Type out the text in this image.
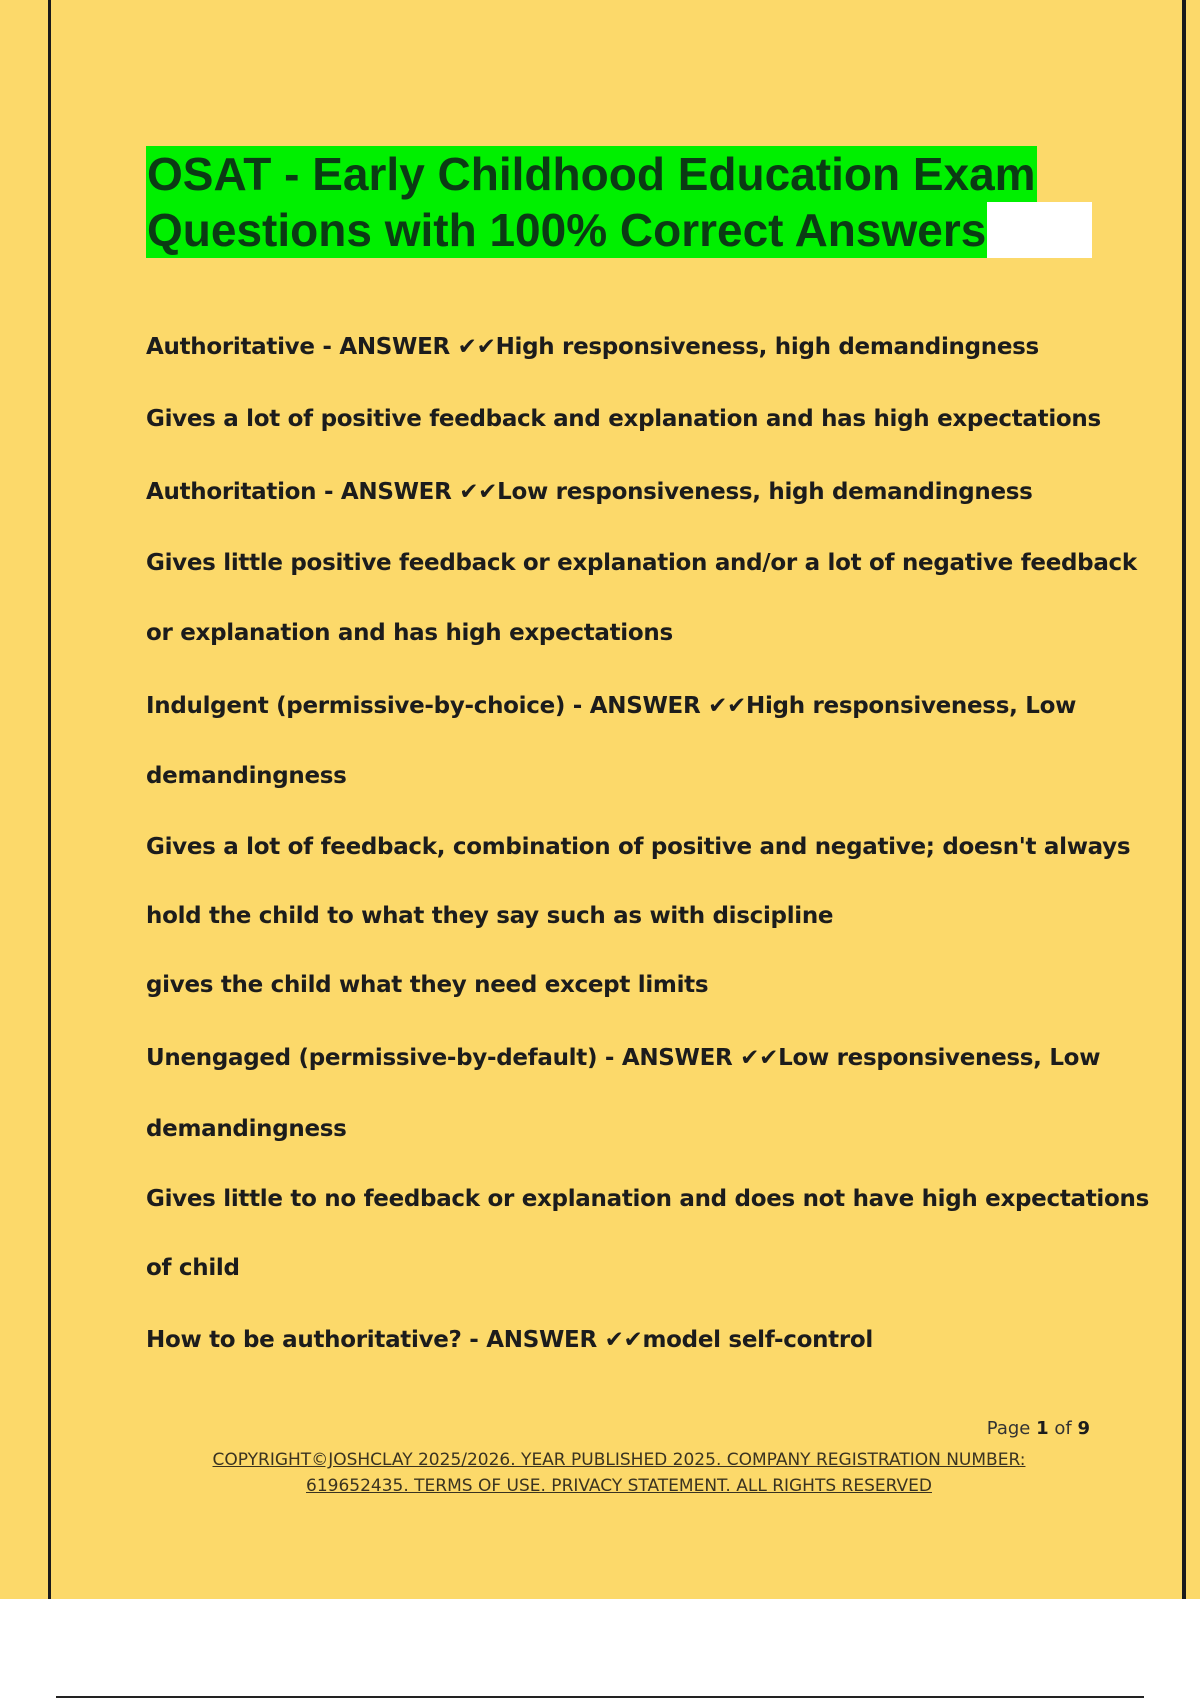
OSAT - Early Childhood Education Exam
Questions with 100% Correct Answers
Authoritative - ANSWER ✔✔High responsiveness, high demandingness
Gives a lot of positive feedback and explanation and has high expectations
Authoritation - ANSWER ✔✔Low responsiveness, high demandingness
Gives little positive feedback or explanation and/or a lot of negative feedback
or explanation and has high expectations
Indulgent (permissive-by-choice) - ANSWER ✔✔High responsiveness, Low
demandingness
Gives a lot of feedback, combination of positive and negative; doesn't always
hold the child to what they say such as with discipline
gives the child what they need except limits
Unengaged (permissive-by-default) - ANSWER ✔✔Low responsiveness, Low
demandingness
Gives little to no feedback or explanation and does not have high expectations
of child
How to be authoritative? - ANSWER ✔✔model self-control
Page 1 of 9
COPYRIGHT©JOSHCLAY 2025/2026. YEAR PUBLISHED 2025. COMPANY REGISTRATION NUMBER:
619652435. TERMS OF USE. PRIVACY STATEMENT. ALL RIGHTS RESERVED
